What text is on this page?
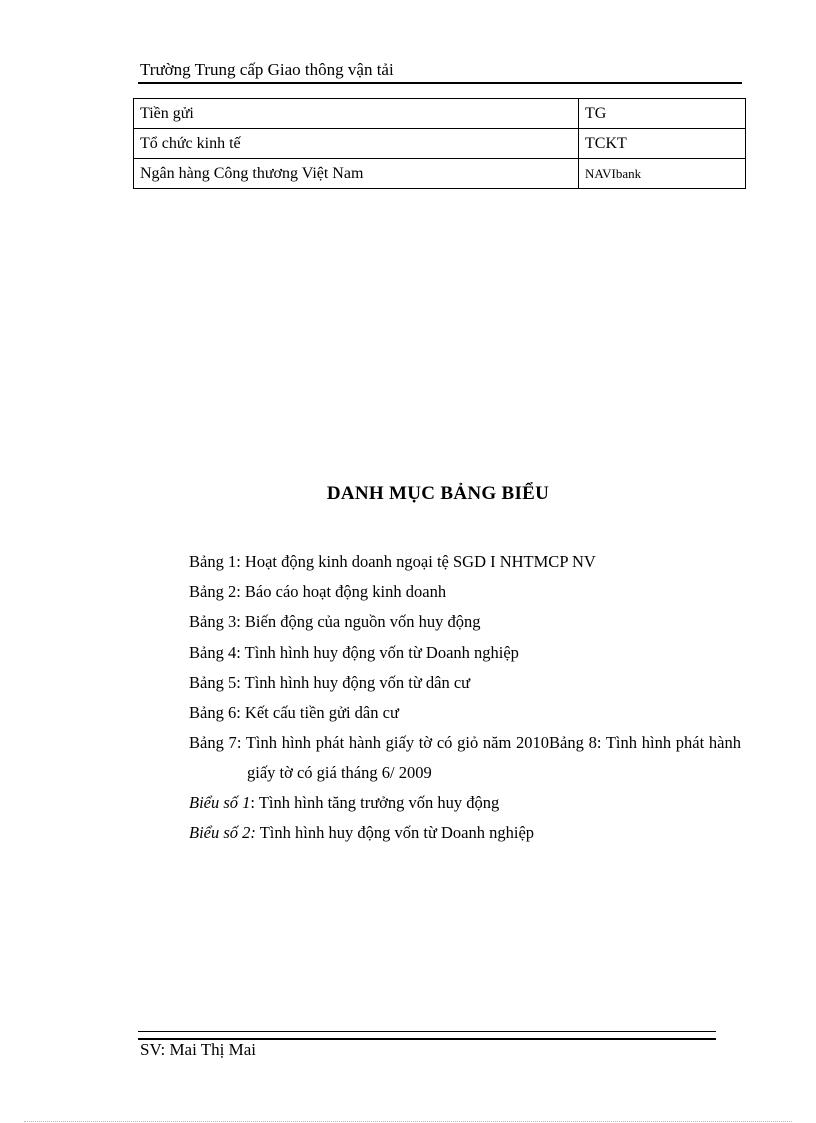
Trường Trung cấp Giao thông vận tải
Tiền gửi	TG
Tổ chức kinh tế	TCKT
Ngân hàng Công thương Việt Nam	NAVIbank
DANH MỤC BẢNG BIỂU
Bảng 1: Hoạt động kinh doanh ngoại tệ SGD I NHTMCP NV
Bảng 2: Báo cáo hoạt động kinh doanh
Bảng 3: Biến động của nguồn vốn huy động
Bảng 4: Tình hình huy động vốn từ Doanh nghiệp
Bảng 5: Tình hình huy động vốn từ dân cư
Bảng 6: Kết cấu tiền gửi dân cư
Bảng 7: Tình hình phát hành giấy tờ có giỏ năm 2010Bảng 8: Tình hình phát hành giấy tờ có giá tháng 6/ 2009
Biểu số 1: Tình hình tăng trưởng vốn huy động
Biểu số 2: Tình hình huy động vốn từ Doanh nghiệp
SV: Mai Thị Mai
